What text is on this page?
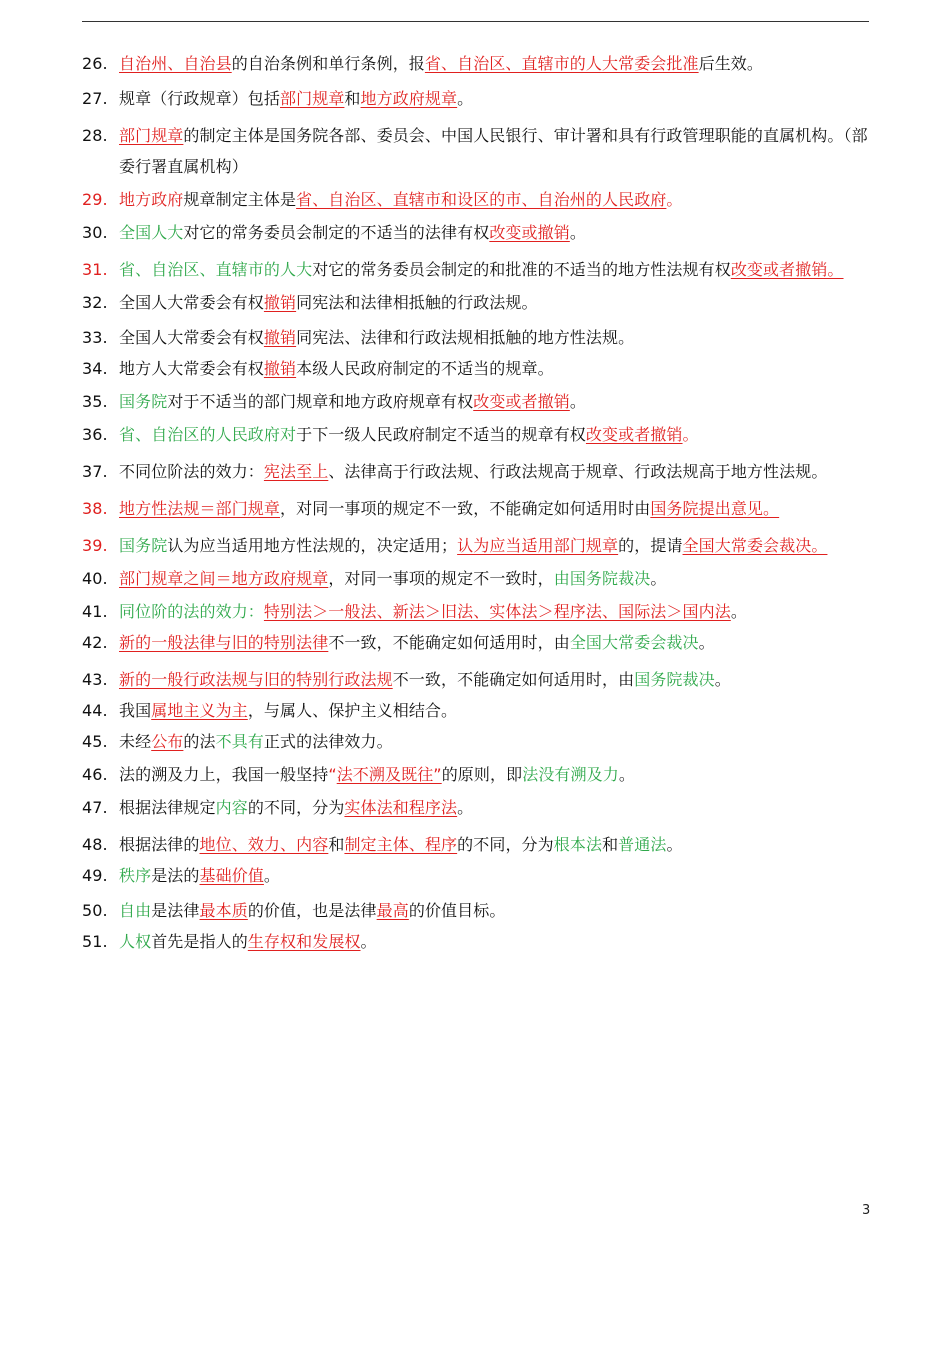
26. 自治州、自治县的自治条例和单行条例，报省、自治区、直辖市的人大常委会批准后生效。
27. 规章（行政规章）包括部门规章和地方政府规章。
28. 部门规章的制定主体是国务院各部、委员会、中国人民银行、审计署和具有行政管理职能的直属机构。（部委行署直属机构）
29. 地方政府规章制定主体是省、自治区、直辖市和设区的市、自治州的人民政府。
30. 全国人大对它的常务委员会制定的不适当的法律有权改变或撤销。
31. 省、自治区、直辖市的人大对它的常务委员会制定的和批准的不适当的地方性法规有权改变或者撤销。
32. 全国人大常委会有权撤销同宪法和法律相抵触的行政法规。
33. 全国人大常委会有权撤销同宪法、法律和行政法规相抵触的地方性法规。
34. 地方人大常委会有权撤销本级人民政府制定的不适当的规章。
35. 国务院对于不适当的部门规章和地方政府规章有权改变或者撤销。
36. 省、自治区的人民政府对于下一级人民政府制定不适当的规章有权改变或者撤销。
37. 不同位阶法的效力：宪法至上、法律高于行政法规、行政法规高于规章、行政法规高于地方性法规。
38. 地方性法规＝部门规章，对同一事项的规定不一致，不能确定如何适用时由国务院提出意见。
39. 国务院认为应当适用地方性法规的，决定适用；认为应当适用部门规章的，提请全国大常委会裁决。
40. 部门规章之间＝地方政府规章，对同一事项的规定不一致时，由国务院裁决。
41. 同位阶的法的效力：特别法＞一般法、新法＞旧法、实体法＞程序法、国际法＞国内法。
42. 新的一般法律与旧的特别法律不一致，不能确定如何适用时，由全国大常委会裁决。
43. 新的一般行政法规与旧的特别行政法规不一致，不能确定如何适用时，由国务院裁决。
44. 我国属地主义为主，与属人、保护主义相结合。
45. 未经公布的法不具有正式的法律效力。
46. 法的溯及力上，我国一般坚持“法不溯及既往”的原则，即法没有溯及力。
47. 根据法律规定内容的不同，分为实体法和程序法。
48. 根据法律的地位、效力、内容和制定主体、程序的不同，分为根本法和普通法。
49. 秩序是法的基础价值。
50. 自由是法律最本质的价值，也是法律最高的价值目标。
51. 人权首先是指人的生存权和发展权。
3
